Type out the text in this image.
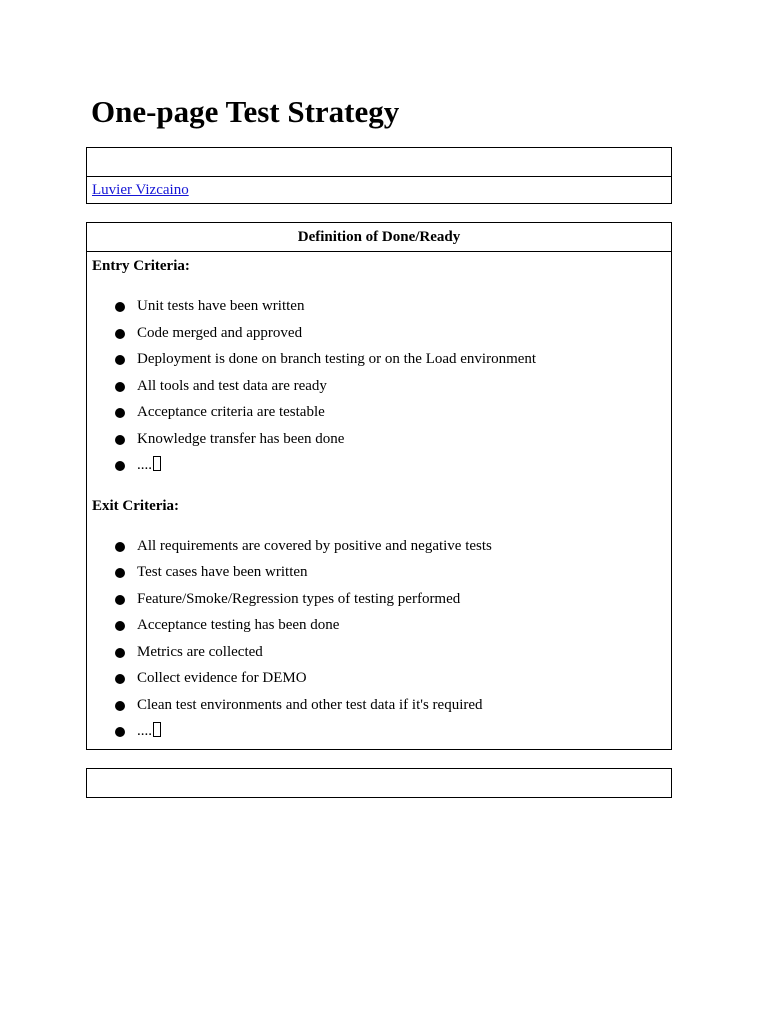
One-page Test Strategy

Luvier Vizcaino
Definition of Done/Ready

Entry Criteria:

Unit tests have been written
Code merged and approved
Deployment is done on branch testing or on the Load environment
All tools and test data are ready
Acceptance criteria are testable
Knowledge transfer has been done
....

Exit Criteria:

All requirements are covered by positive and negative tests
Test cases have been written
Feature/Smoke/Regression types of testing performed
Acceptance testing has been done
Metrics are collected
Collect evidence for DEMO
Clean test environments and other test data if it's required
....
